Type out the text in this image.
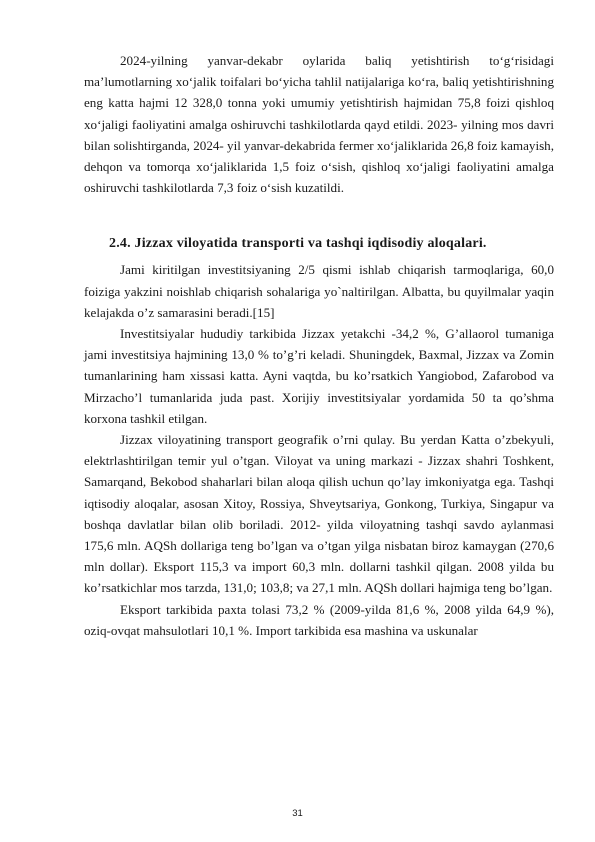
2024-yilning yanvar-dekabr oylarida baliq yetishtirish to‘g‘risidagi ma’lumotlarning xo‘jalik toifalari bo‘yicha tahlil natijalariga ko‘ra, baliq yetishtirishning eng katta hajmi 12 328,0 tonna yoki umumiy yetishtirish hajmidan 75,8 foizi qishloq xo‘jaligi faoliyatini amalga oshiruvchi tashkilotlarda qayd etildi. 2023- yilning mos davri bilan solishtirganda, 2024- yil yanvar-dekabrida fermer xo‘jaliklarida 26,8 foiz kamayish, dehqon va tomorqa xo‘jaliklarida 1,5 foiz o‘sish, qishloq xo‘jaligi faoliyatini amalga oshiruvchi tashkilotlarda 7,3 foiz o‘sish kuzatildi.

2.4. Jizzax viloyatida transporti va tashqi iqdisodiy aloqalari.

Jami kiritilgan investitsiyaning 2/5 qismi ishlab chiqarish tarmoqlariga, 60,0 foiziga yakzini noishlab chiqarish sohalariga yo`naltirilgan. Albatta, bu quyilmalar yaqin kelajakda o’z samarasini beradi.[15]

Investitsiyalar hududiy tarkibida Jizzax yetakchi -34,2 %, G’allaorol tumaniga jami investitsiya hajmining 13,0 % to’g’ri keladi. Shuningdek, Baxmal, Jizzax va Zomin tumanlarining ham xissasi katta. Ayni vaqtda, bu ko’rsatkich Yangiobod, Zafarobod va Mirzacho’l tumanlarida juda past. Xorijiy investitsiyalar yordamida 50 ta qo’shma korxona tashkil etilgan.

Jizzax viloyatining transport geografik o’rni qulay. Bu yerdan Katta o’zbekyuli, elektrlashtirilgan temir yul o’tgan. Viloyat va uning markazi - Jizzax shahri Toshkent, Samarqand, Bekobod shaharlari bilan aloqa qilish uchun qo’lay imkoniyatga ega. Tashqi iqtisodiy aloqalar, asosan Xitoy, Rossiya, Shveytsariya, Gonkong, Turkiya, Singapur va boshqa davlatlar bilan olib boriladi. 2012- yilda viloyatning tashqi savdo aylanmasi 175,6 mln. AQSh dollariga teng bo’lgan va o’tgan yilga nisbatan biroz kamaygan (270,6 mln dollar). Eksport 115,3 va import 60,3 mln. dollarni tashkil qilgan. 2008 yilda bu ko’rsatkichlar mos tarzda, 131,0; 103,8; va 27,1 mln. AQSh dollari hajmiga teng bo’lgan.

Eksport tarkibida paxta tolasi 73,2 % (2009-yilda 81,6 %, 2008 yilda 64,9 %), oziq-ovqat mahsulotlari 10,1 %. Import tarkibida esa mashina va uskunalar

31
